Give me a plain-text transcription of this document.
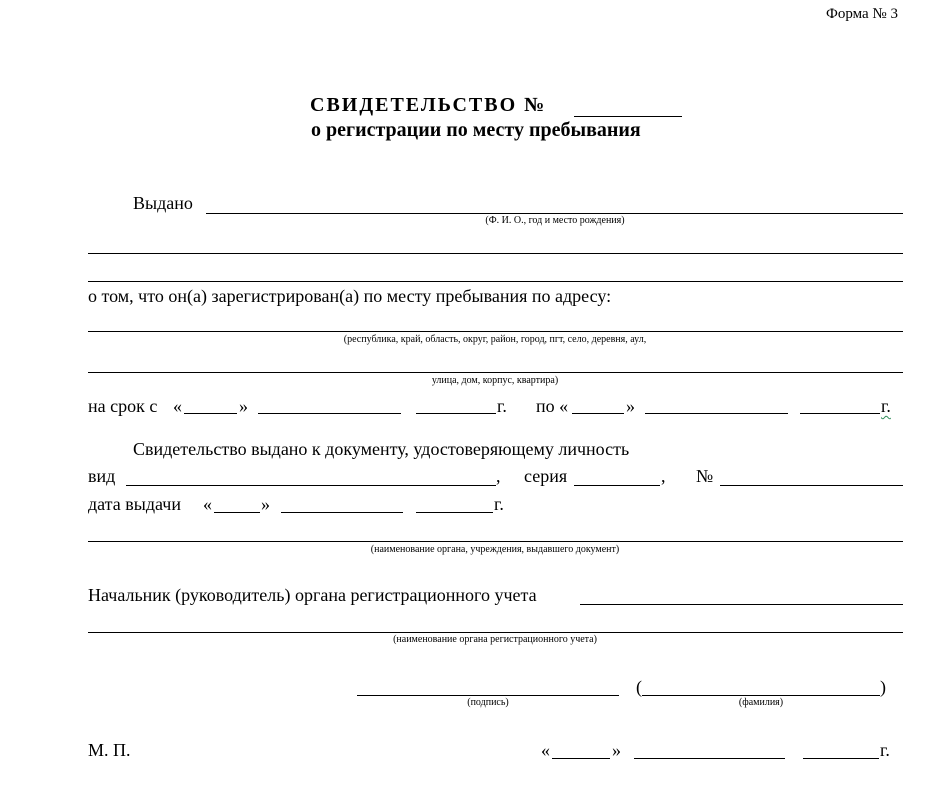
Форма № 3
СВИДЕТЕЛЬСТВО №
о регистрации по месту пребывания
Выдано
(Ф. И. О., год и место рождения)
о том, что он(а) зарегистрирован(а) по месту пребывания по адресу:
(республика, край, область, округ, район, город, пгт, село, деревня, аул,
улица, дом, корпус, квартира)
на срок с «	»	г. по «	»	г.
Свидетельство выдано к документу, удостоверяющему личность
вид	, серия	, №
дата выдачи «	»	г.
(наименование органа, учреждения, выдавшего документ)
Начальник (руководитель) органа регистрационного учета
(наименование органа регистрационного учета)
(подпись)
(	)
(фамилия)
М. П.	«	»	г.
